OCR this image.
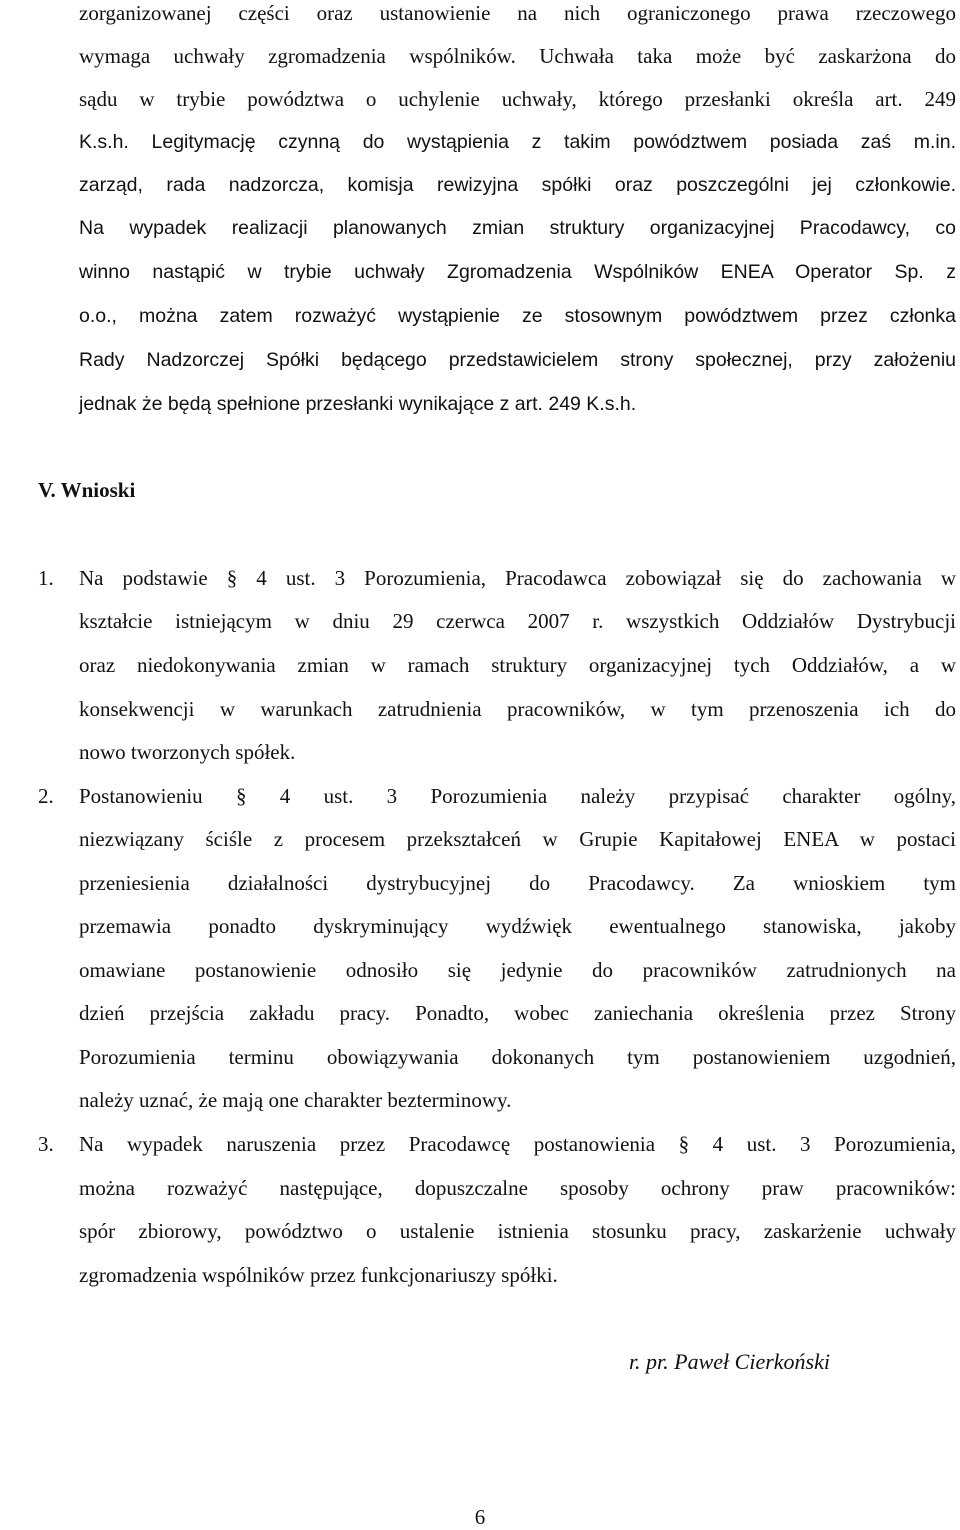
zorganizowanej części oraz ustanowienie na nich ograniczonego prawa rzeczowego
wymaga uchwały zgromadzenia wspólników. Uchwała taka może być zaskarżona do
sądu w trybie powództwa o uchylenie uchwały, którego przesłanki określa art. 249
K.s.h. Legitymację czynną do wystąpienia z takim powództwem posiada zaś m.in.
zarząd, rada nadzorcza, komisja rewizyjna spółki oraz poszczególni jej członkowie.
Na wypadek realizacji planowanych zmian struktury organizacyjnej Pracodawcy, co
winno nastąpić w trybie uchwały Zgromadzenia Wspólników ENEA Operator Sp. z
o.o., można zatem rozważyć wystąpienie ze stosownym powództwem przez członka
Rady Nadzorczej Spółki będącego przedstawicielem strony społecznej, przy założeniu
jednak że będą spełnione przesłanki wynikające z art. 249 K.s.h.
V. Wnioski
1. Na podstawie § 4 ust. 3 Porozumienia, Pracodawca zobowiązał się do zachowania w
kształcie istniejącym w dniu 29 czerwca 2007 r. wszystkich Oddziałów Dystrybucji
oraz niedokonywania zmian w ramach struktury organizacyjnej tych Oddziałów, a w
konsekwencji w warunkach zatrudnienia pracowników, w tym przenoszenia ich do
nowo tworzonych spółek.
2. Postanowieniu § 4 ust. 3 Porozumienia należy przypisać charakter ogólny,
niezwiązany ściśle z procesem przekształceń w Grupie Kapitałowej ENEA w postaci
przeniesienia działalności dystrybucyjnej do Pracodawcy. Za wnioskiem tym
przemawia ponadto dyskryminujący wydźwięk ewentualnego stanowiska, jakoby
omawiane postanowienie odnosiło się jedynie do pracowników zatrudnionych na
dzień przejścia zakładu pracy. Ponadto, wobec zaniechania określenia przez Strony
Porozumienia terminu obowiązywania dokonanych tym postanowieniem uzgodnień,
należy uznać, że mają one charakter bezterminowy.
3. Na wypadek naruszenia przez Pracodawcę postanowienia § 4 ust. 3 Porozumienia,
można rozważyć następujące, dopuszczalne sposoby ochrony praw pracowników:
spór zbiorowy, powództwo o ustalenie istnienia stosunku pracy, zaskarżenie uchwały
zgromadzenia wspólników przez funkcjonariuszy spółki.
r. pr. Paweł Cierkoński
6
